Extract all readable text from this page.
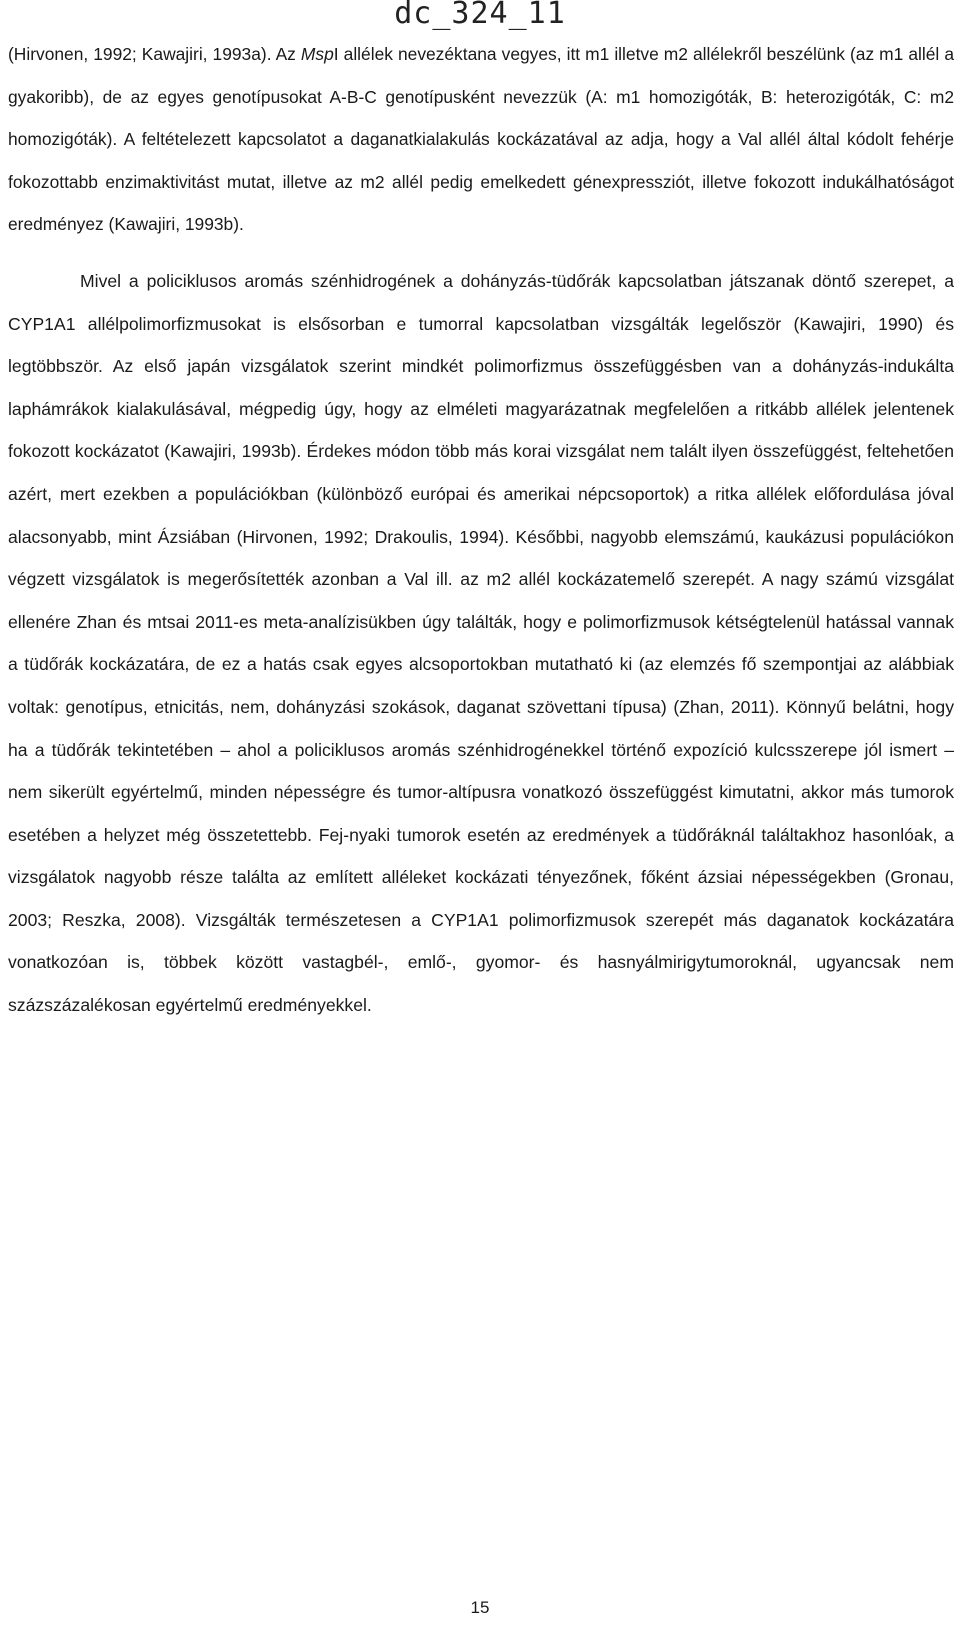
dc_324_11

(Hirvonen, 1992; Kawajiri, 1993a). Az MspI allélek nevezéktana vegyes, itt m1 illetve m2 allélekről beszélünk (az m1 allél a gyakoribb), de az egyes genotípusokat A-B-C genotípusként nevezzük (A: m1 homozigóták, B: heterozigóták, C: m2 homozigóták). A feltételezett kapcsolatot a daganatkialakulás kockázatával az adja, hogy a Val allél által kódolt fehérje fokozottabb enzimaktivitást mutat, illetve az m2 allél pedig emelkedett génexpressziót, illetve fokozott indukálhatóságot eredményez (Kawajiri, 1993b).

Mivel a policiklusos aromás szénhidrogének a dohányzás-tüdőrák kapcsolatban játszanak döntő szerepet, a CYP1A1 allélpolimorfizmusokat is elsősorban e tumorral kapcsolatban vizsgálták legelőször (Kawajiri, 1990) és legtöbbször. Az első japán vizsgálatok szerint mindkét polimorfizmus összefüggésben van a dohányzás-indukálta laphámrákok kialakulásával, mégpedig úgy, hogy az elméleti magyarázatnak megfelelően a ritkább allélek jelentenek fokozott kockázatot (Kawajiri, 1993b). Érdekes módon több más korai vizsgálat nem talált ilyen összefüggést, feltehetően azért, mert ezekben a populációkban (különböző európai és amerikai népcsoportok) a ritka allélek előfordulása jóval alacsonyabb, mint Ázsiában (Hirvonen, 1992; Drakoulis, 1994). Későbbi, nagyobb elemszámú, kaukázusi populációkon végzett vizsgálatok is megerősítették azonban a Val ill. az m2 allél kockázatemelő szerepét. A nagy számú vizsgálat ellenére Zhan és mtsai 2011-es meta-analízisükben úgy találták, hogy e polimorfizmusok kétségtelenül hatással vannak a tüdőrák kockázatára, de ez a hatás csak egyes alcsoportokban mutatható ki (az elemzés fő szempontjai az alábbiak voltak: genotípus, etnicitás, nem, dohányzási szokások, daganat szövettani típusa) (Zhan, 2011). Könnyű belátni, hogy ha a tüdőrák tekintetében – ahol a policiklusos aromás szénhidrogénekkel történő expozíció kulcsszerepe jól ismert – nem sikerült egyértelmű, minden népességre és tumor-altípusra vonatkozó összefüggést kimutatni, akkor más tumorok esetében a helyzet még összetettebb. Fej-nyaki tumorok esetén az eredmények a tüdőráknál találtakhoz hasonlóak, a vizsgálatok nagyobb része találta az említett alléleket kockázati tényezőnek, főként ázsiai népességekben (Gronau, 2003; Reszka, 2008). Vizsgálták természetesen a CYP1A1 polimorfizmusok szerepét más daganatok kockázatára vonatkozóan is, többek között vastagbél-, emlő-, gyomor- és hasnyálmirigytumoroknál, ugyancsak nem százszázalékosan egyértelmű eredményekkel.

15
